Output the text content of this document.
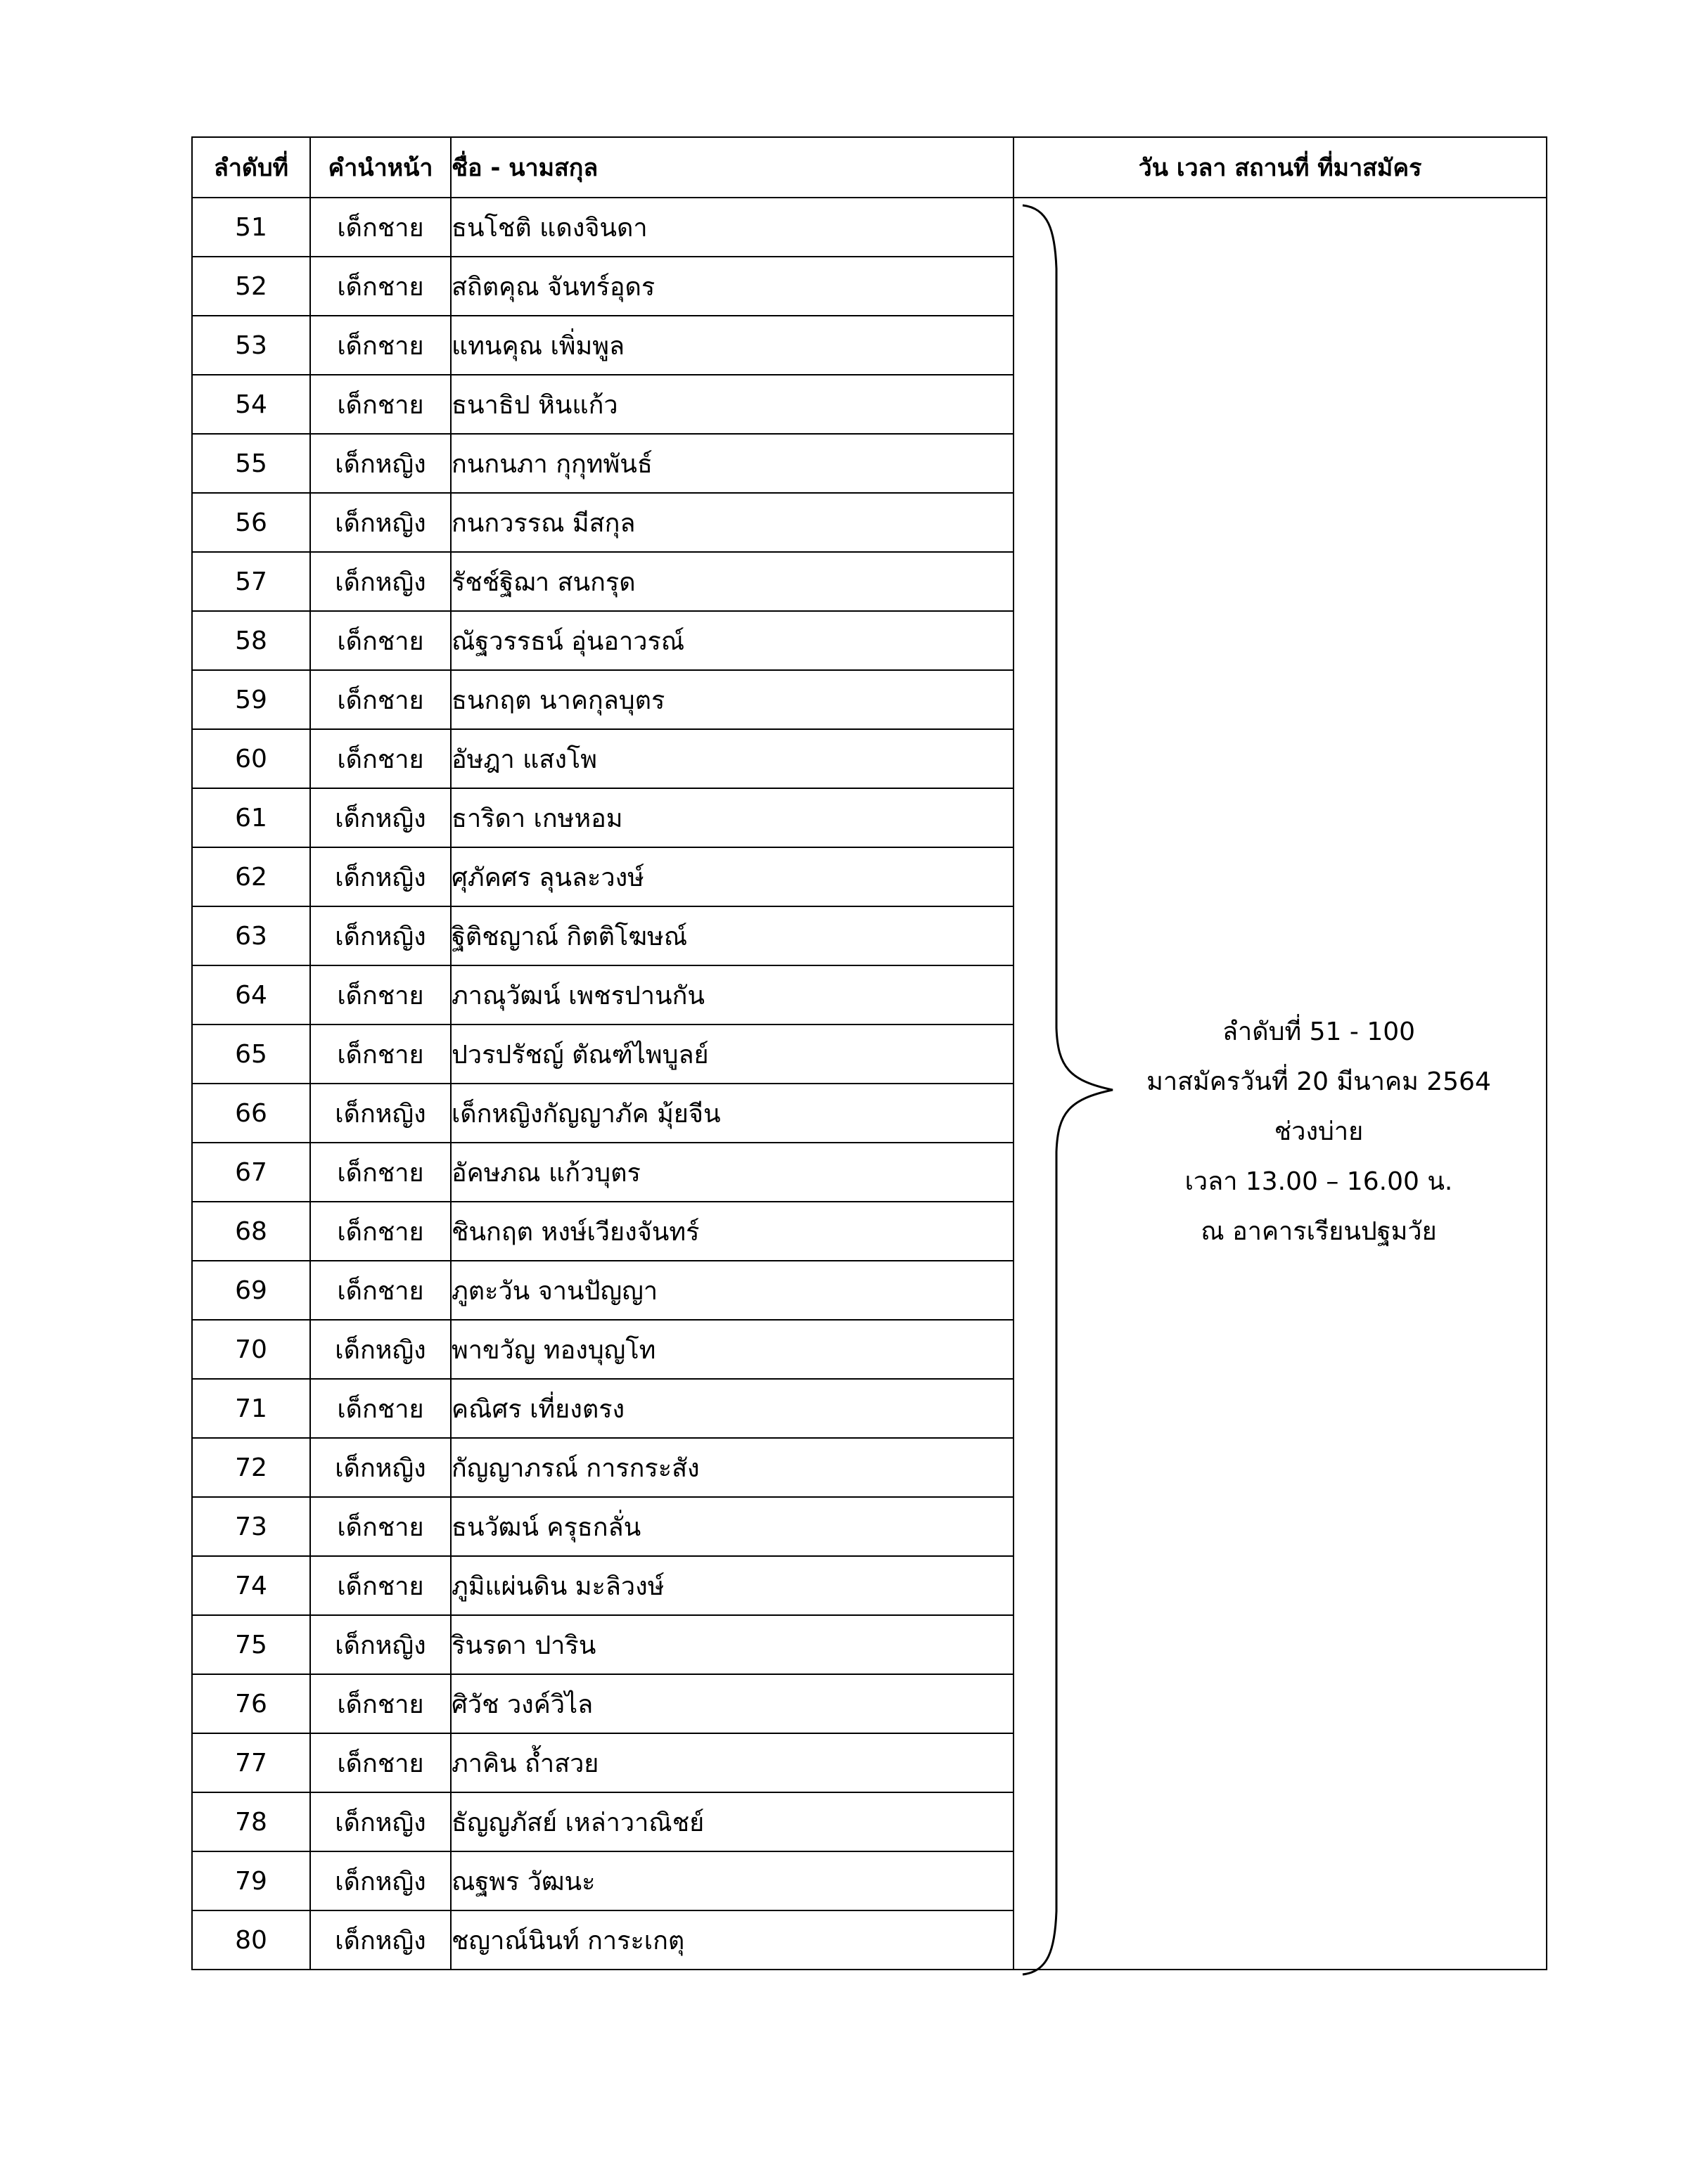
ลำดับที่	คำนำหน้า	ชื่อ - นามสกุล	วัน เวลา สถานที่ ที่มาสมัคร
51	เด็กชาย	ธนโชติ แดงจินดา	ลำดับที่ 51 - 100
มาสมัครวันที่ 20 มีนาคม 2564
ช่วงบ่าย
เวลา 13.00 – 16.00 น.
ณ อาคารเรียนปฐมวัย

52	เด็กชาย	สถิตคุณ จันทร์อุดร	
53	เด็กชาย	แทนคุณ เพิ่มพูล	
54	เด็กชาย	ธนาธิป หินแก้ว	
55	เด็กหญิง	กนกนภา กุกุทพันธ์	
56	เด็กหญิง	กนกวรรณ มีสกุล	
57	เด็กหญิง	รัชช์ฐิฌา สนกรุด	
58	เด็กชาย	ณัฐวรรธน์ อุ่นอาวรณ์	
59	เด็กชาย	ธนกฤต นาคกุลบุตร	
60	เด็กชาย	อัษฎา แสงโพ	
61	เด็กหญิง	ธาริดา เกษหอม	
62	เด็กหญิง	ศุภัคศร ลุนละวงษ์	
63	เด็กหญิง	ฐิติชญาณ์ กิตติโฆษณ์	
64	เด็กชาย	ภาณุวัฒน์ เพชรปานกัน	
65	เด็กชาย	ปวรปรัชญ์ ตัณฑ์ไพบูลย์	
66	เด็กหญิง	เด็กหญิงกัญญาภัค มุ้ยจีน	
67	เด็กชาย	อัคษภณ แก้วบุตร	
68	เด็กชาย	ชินกฤต หงษ์เวียงจันทร์	
69	เด็กชาย	ภูตะวัน จานปัญญา	
70	เด็กหญิง	พาขวัญ ทองบุญโท	
71	เด็กชาย	คณิศร เที่ยงตรง	
72	เด็กหญิง	กัญญาภรณ์ การกระสัง	
73	เด็กชาย	ธนวัฒน์ ครุธกลั่น	
74	เด็กชาย	ภูมิแผ่นดิน มะลิวงษ์	
75	เด็กหญิง	รินรดา ปาริน	
76	เด็กชาย	ศิวัช วงค์วิไล	
77	เด็กชาย	ภาคิน ถ้ำสวย	
78	เด็กหญิง	ธัญญภัสย์ เหล่าวาณิชย์	
79	เด็กหญิง	ณฐพร วัฒนะ	
80	เด็กหญิง	ชญาณ์นินท์ การะเกตุ	
